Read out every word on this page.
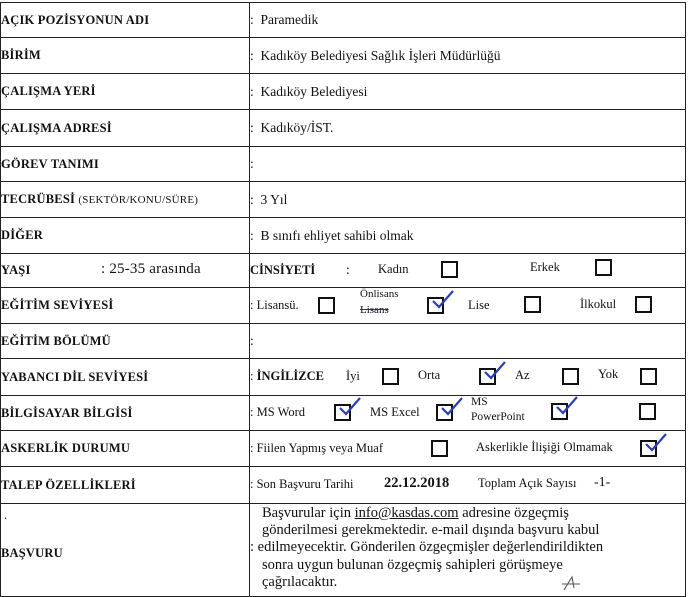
AÇIK POZİSYONUN ADI	: Paramedik
BİRİM	: Kadıköy Belediyesi Sağlık İşleri Müdürlüğü
ÇALIŞMA YERİ	: Kadıköy Belediyesi
ÇALIŞMA ADRESİ	: Kadıköy/İST.
GÖREV TANIMI	:
TECRÜBESİ (SEKTÖR/KONU/SÜRE)	: 3 Yıl
DİĞER	: B sınıfı ehliyet sahibi olmak

YAŞI : 25-35 arasında	CİNSİYETİ : Kadın Erkek

EĞİTİM SEVİYESİ	: Lisansü.
Önlisans
Lisans Lise İlkokul

EĞİTİM BÖLÜMÜ	:
YABANCI DİL SEVİYESİ	: İNGİLİZCE İyi Orta Az Yok

BİLGİSAYAR BİLGİSİ	: MS Word MS Excel
MS
PowerPoint

ASKERLİK DURUMU	: Fiilen Yapmış veya Muaf Askerlikle İlişiği Olmamak

TALEP ÖZELLİKLERİ	: Son Başvuru Tarihi 22.12.2018 Toplam Açık Sayısı -1-

.
BAŞVURU	Başvurular için info@kasdas.com adresine özgeçmiş
gönderilmesi gerekmektedir. e-mail dışında başvuru kabul
: edilmeyecektir. Gönderilen özgeçmişler değerlendirildikten
sonra uygun bulunan özgeçmiş sahipleri görüşmeye
çağrılacaktır.
